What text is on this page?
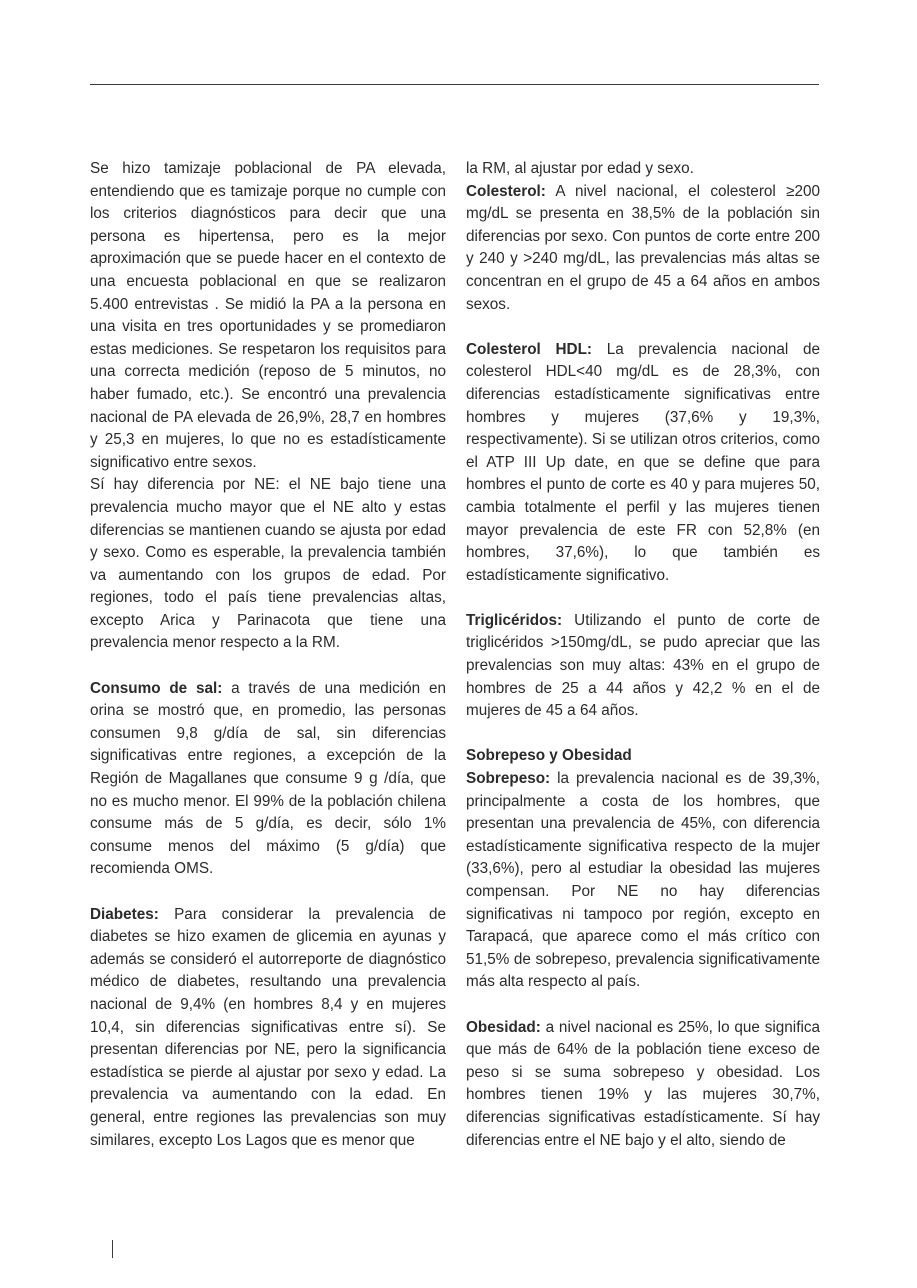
Se hizo tamizaje poblacional de PA elevada, entendiendo que es tamizaje porque no cumple con los criterios diagnósticos para decir que una persona es hipertensa, pero es la mejor aproximación que se puede hacer en el contexto de una encuesta poblacional en que se realizaron 5.400 entrevistas . Se midió la PA a la persona en una visita en tres oportunidades y se promediaron estas mediciones. Se respetaron los requisitos para una correcta medición (reposo de 5 minutos, no haber fumado, etc.). Se encontró una prevalencia nacional de PA elevada de 26,9%, 28,7 en hombres y 25,3 en mujeres, lo que no es estadísticamente significativo entre sexos.

Sí hay diferencia por NE: el NE bajo tiene una prevalencia mucho mayor que el NE alto y estas diferencias se mantienen cuando se ajusta por edad y sexo. Como es esperable, la prevalencia también va aumentando con los grupos de edad. Por regiones, todo el país tiene prevalencias altas, excepto Arica y Parinacota que tiene una prevalencia menor respecto a la RM.

Consumo de sal: a través de una medición en orina se mostró que, en promedio, las personas consumen 9,8 g/día de sal, sin diferencias significativas entre regiones, a excepción de la Región de Magallanes que consume 9 g /día, que no es mucho menor. El 99% de la población chilena consume más de 5 g/día, es decir, sólo 1% consume menos del máximo (5 g/día) que recomienda OMS.

Diabetes: Para considerar la prevalencia de diabetes se hizo examen de glicemia en ayunas y además se consideró el autorreporte de diagnóstico médico de diabetes, resultando una prevalencia nacional de 9,4% (en hombres 8,4 y en mujeres 10,4, sin diferencias significativas entre sí). Se presentan diferencias por NE, pero la significancia estadística se pierde al ajustar por sexo y edad. La prevalencia va aumentando con la edad. En general, entre regiones las prevalencias son muy similares, excepto Los Lagos que es menor que

la RM, al ajustar por edad y sexo.

Colesterol: A nivel nacional, el colesterol ≥200 mg/dL se presenta en 38,5% de la población sin diferencias por sexo. Con puntos de corte entre 200 y 240 y >240 mg/dL, las prevalencias más altas se concentran en el grupo de 45 a 64 años en ambos sexos.

Colesterol HDL: La prevalencia nacional de colesterol HDL<40 mg/dL es de 28,3%, con diferencias estadísticamente significativas entre hombres y mujeres (37,6% y 19,3%, respectivamente). Si se utilizan otros criterios, como el ATP III Up date, en que se define que para hombres el punto de corte es 40 y para mujeres 50, cambia totalmente el perfil y las mujeres tienen mayor prevalencia de este FR con 52,8% (en hombres, 37,6%), lo que también es estadísticamente significativo.

Triglicéridos: Utilizando el punto de corte de triglicéridos >150mg/dL, se pudo apreciar que las prevalencias son muy altas: 43% en el grupo de hombres de 25 a 44 años y 42,2 % en el de mujeres de 45 a 64 años.

Sobrepeso y Obesidad

Sobrepeso: la prevalencia nacional es de 39,3%, principalmente a costa de los hombres, que presentan una prevalencia de 45%, con diferencia estadísticamente significativa respecto de la mujer (33,6%), pero al estudiar la obesidad las mujeres compensan. Por NE no hay diferencias significativas ni tampoco por región, excepto en Tarapacá, que aparece como el más crítico con 51,5% de sobrepeso, prevalencia significativamente más alta respecto al país.

Obesidad: a nivel nacional es 25%, lo que significa que más de 64% de la población tiene exceso de peso si se suma sobrepeso y obesidad. Los hombres tienen 19% y las mujeres 30,7%, diferencias significativas estadísticamente. Sí hay diferencias entre el NE bajo y el alto, siendo de
